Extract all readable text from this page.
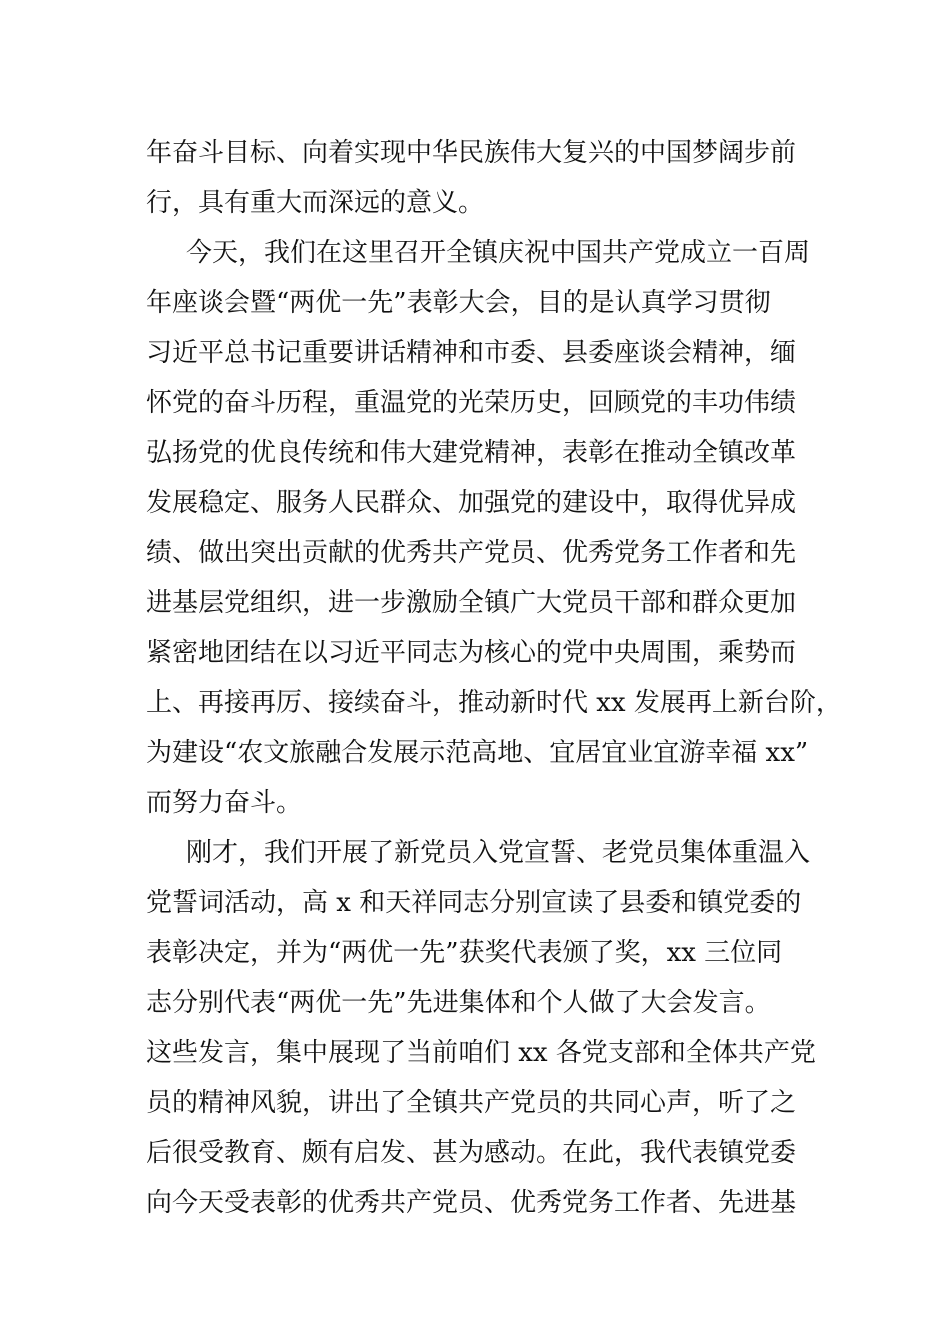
年奋斗目标、向着实现中华民族伟大复兴的中国梦阔步前

行，具有重大而深远的意义。

今天，我们在这里召开全镇庆祝中国共产党成立一百周

年座谈会暨“两优一先”表彰大会，目的是认真学习贯彻

习近平总书记重要讲话精神和市委、县委座谈会精神，缅

怀党的奋斗历程，重温党的光荣历史，回顾党的丰功伟绩

弘扬党的优良传统和伟大建党精神，表彰在推动全镇改革

发展稳定、服务人民群众、加强党的建设中，取得优异成

绩、做出突出贡献的优秀共产党员、优秀党务工作者和先

进基层党组织，进一步激励全镇广大党员干部和群众更加

紧密地团结在以习近平同志为核心的党中央周围，乘势而

上、再接再厉、接续奋斗，推动新时代 xx 发展再上新台阶，

为建设“农文旅融合发展示范高地、宜居宜业宜游幸福 xx”

而努力奋斗。

刚才，我们开展了新党员入党宣誓、老党员集体重温入

党誓词活动，高 x 和天祥同志分别宣读了县委和镇党委的

表彰决定，并为“两优一先”获奖代表颁了奖，xx 三位同

志分别代表“两优一先”先进集体和个人做了大会发言。

这些发言，集中展现了当前咱们 xx 各党支部和全体共产党

员的精神风貌，讲出了全镇共产党员的共同心声，听了之

后很受教育、颇有启发、甚为感动。在此，我代表镇党委

向今天受表彰的优秀共产党员、优秀党务工作者、先进基
